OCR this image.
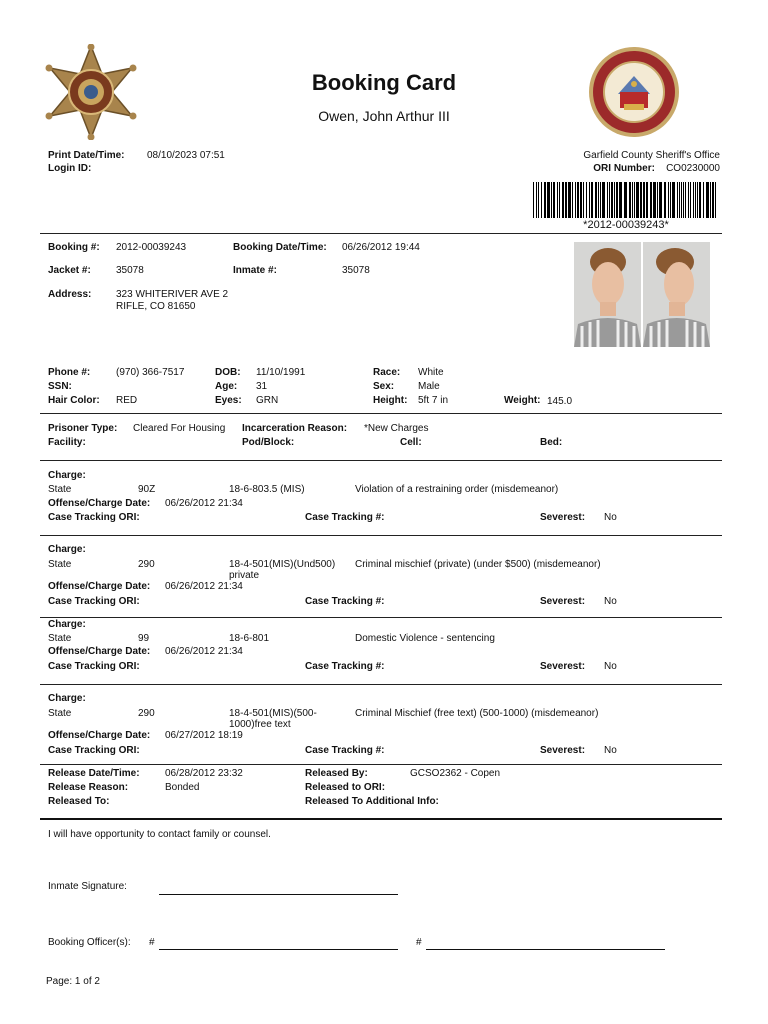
Booking Card
Owen, John Arthur III
Print Date/Time: 08/10/2023 07:51
Login ID:
Garfield County Sheriff's Office
ORI Number: CO0230000
*2012-00039243*
Booking #: 2012-00039243	Booking Date/Time: 06/26/2012 19:44
Jacket #:	35078	Inmate #:	35078
Address: 323 WHITERIVER AVE 2
RIFLE, CO 81650
Phone #:	(970) 366-7517	DOB: 11/10/1991	Race: White
SSN:	Age: 31	Sex: Male
Hair Color: RED	Eyes: GRN	Height: 5ft 7 in	Weight: 145.0
Prisoner Type: Cleared For Housing Incarceration Reason: *New Charges
Facility:	Pod/Block:	Cell:	Bed:
Charge:
State	90Z	18-6-803.5 (MIS)	Violation of a restraining order (misdemeanor)
Offense/Charge Date: 06/26/2012 21:34
Case Tracking ORI:	Case Tracking #:	Severest: No
Charge:
State	290	18-4-501(MIS)(Und500)
private
Criminal mischief (private) (under $500) (misdemeanor)
Offense/Charge Date: 06/26/2012 21:34
Case Tracking ORI:	Case Tracking #:	Severest: No
Charge:
State	99	18-6-801	Domestic Violence - sentencing
Offense/Charge Date: 06/26/2012 21:34
Case Tracking ORI:	Case Tracking #:	Severest: No
Charge:
State	290	18-4-501(MIS)(500-
1000)free text
Criminal Mischief (free text) (500-1000) (misdemeanor)
Offense/Charge Date: 06/27/2012 18:19
Case Tracking ORI:	Case Tracking #:	Severest: No
Release Date/Time:	06/28/2012 23:32	Released By:	GCSO2362 - Copen
Release Reason:	Bonded	Released to ORI:
Released To:	Released To Additional Info:
I will have opportunity to contact family or counsel.
Inmate Signature:
Booking Officer(s): #	#
Page: 1 of 2
